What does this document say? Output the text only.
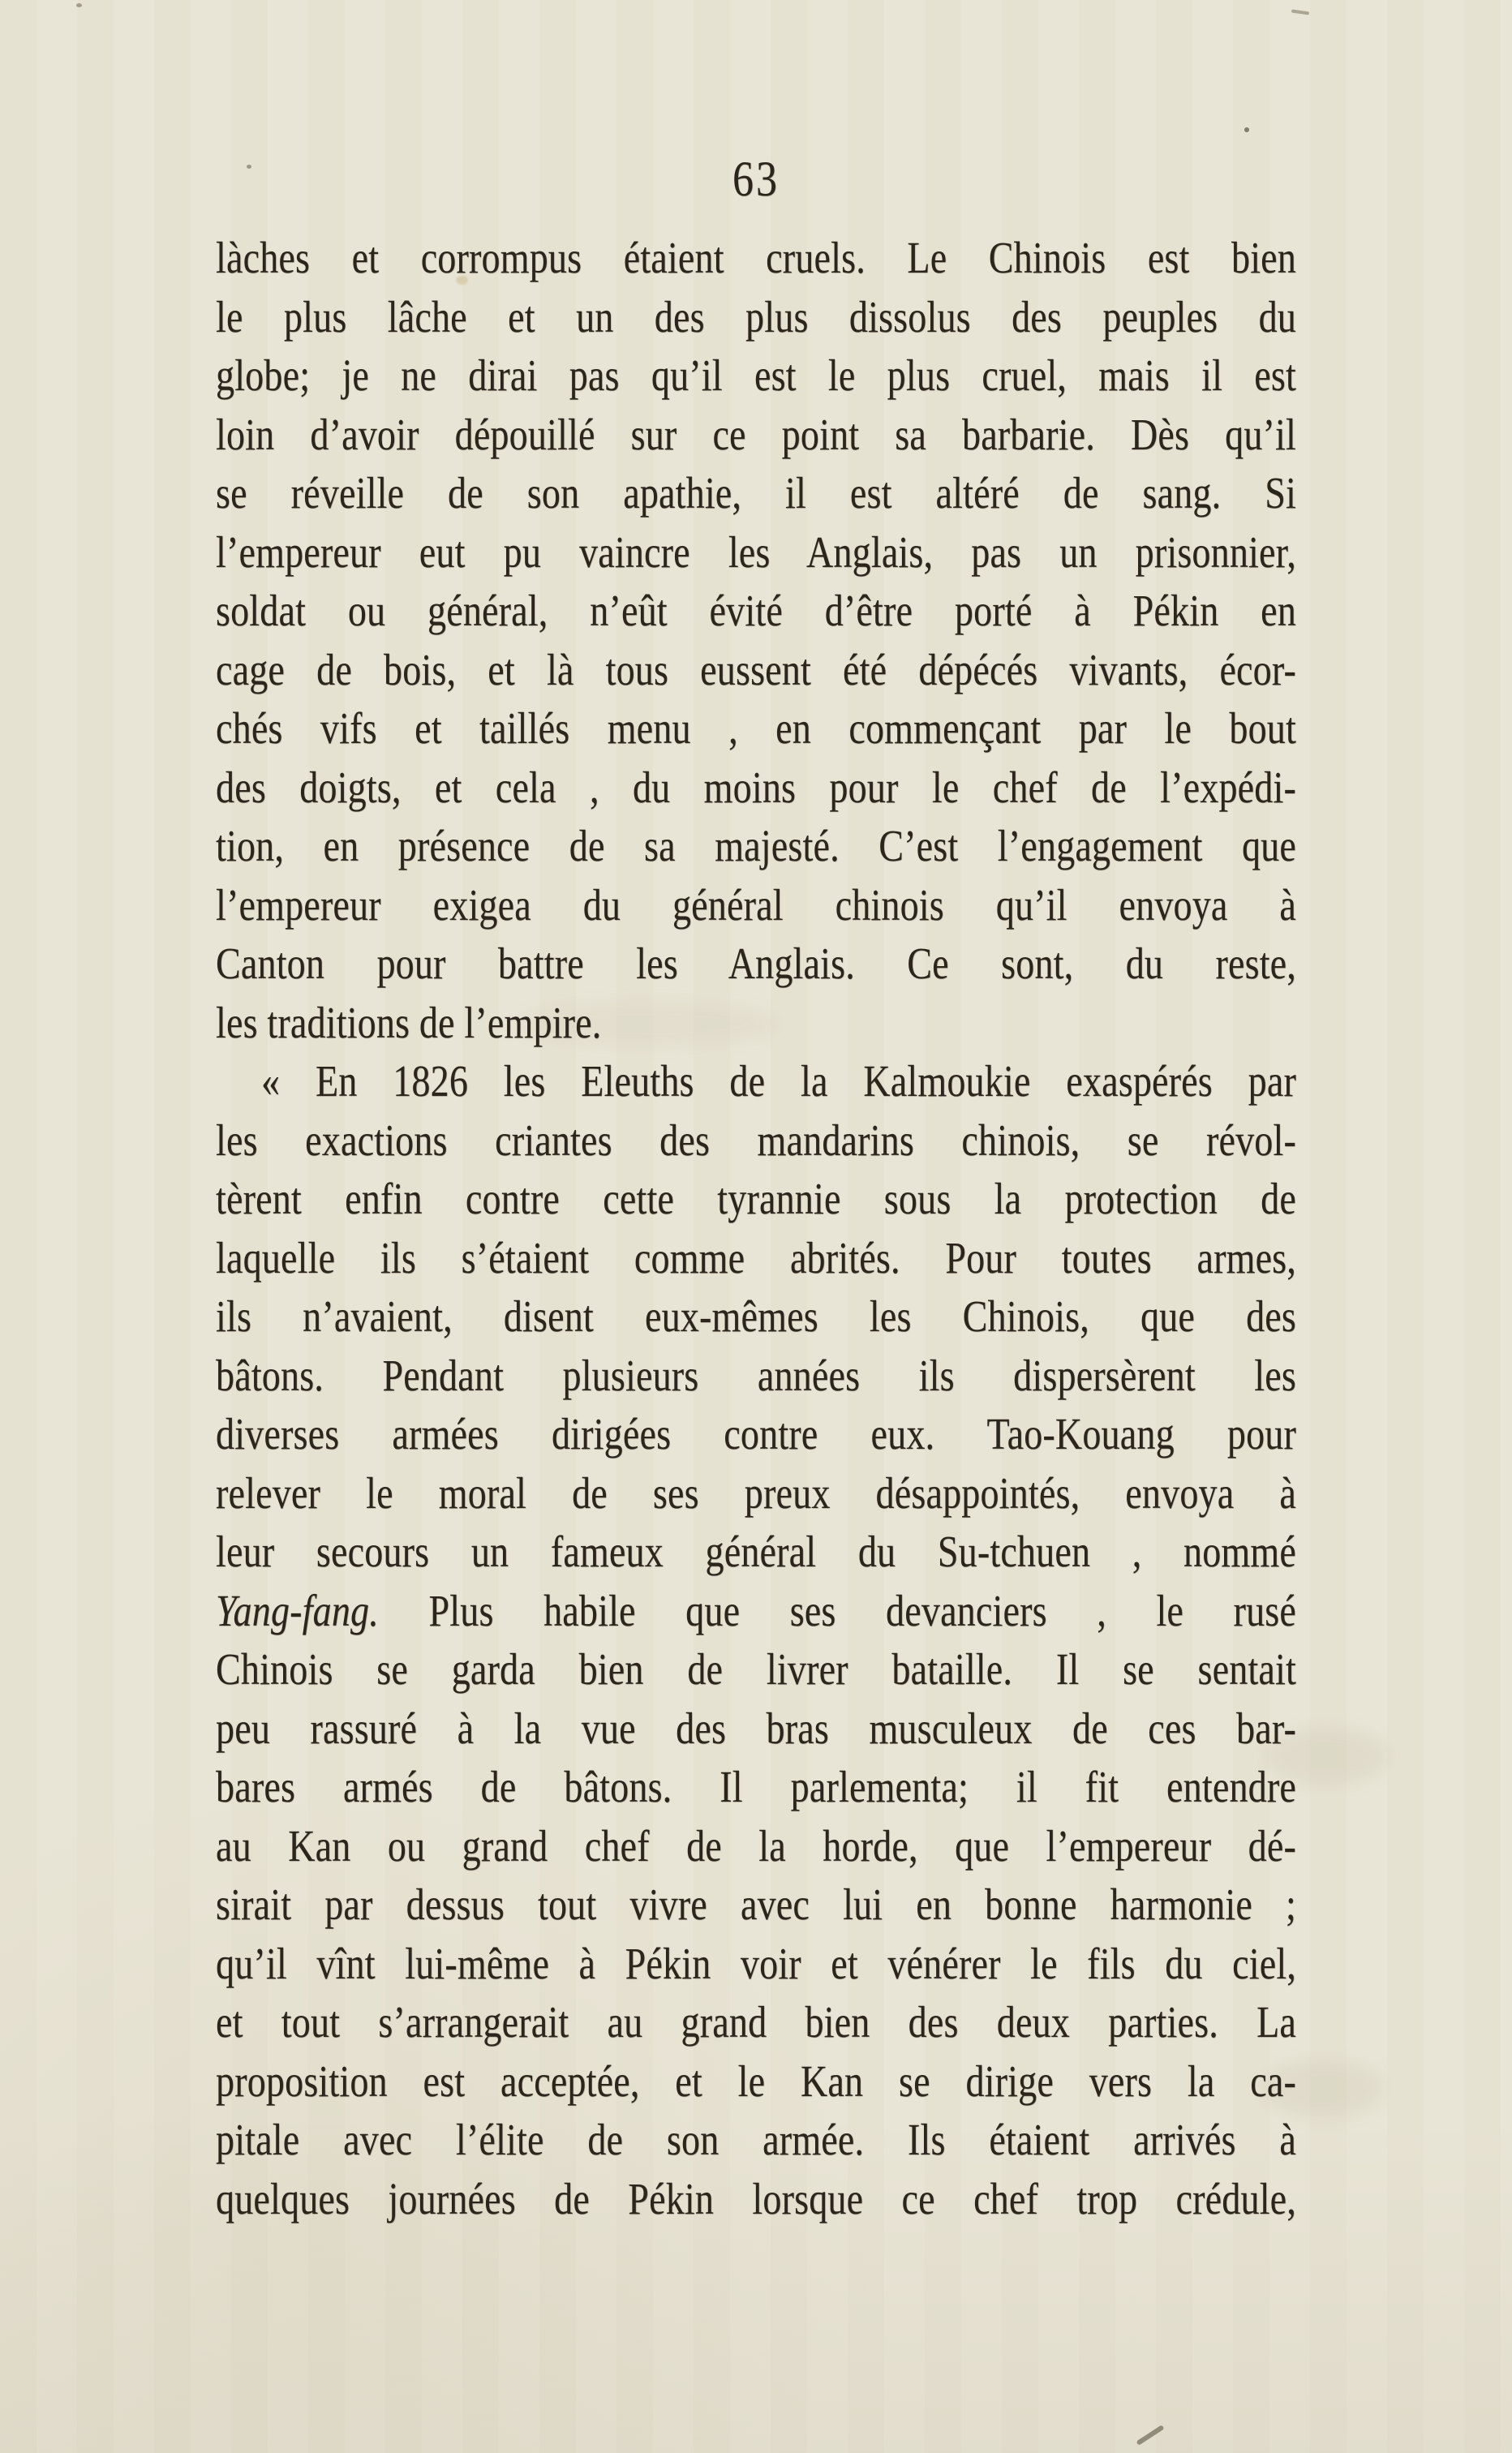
63
làches et corrompus étaient cruels. Le Chinois est bien
le plus lâche et un des plus dissolus des peuples du
globe; je ne dirai pas qu’il est le plus cruel, mais il est
loin d’avoir dépouillé sur ce point sa barbarie. Dès qu’il
se réveille de son apathie, il est altéré de sang. Si
l’empereur eut pu vaincre les Anglais, pas un prisonnier,
soldat ou général, n’eût évité d’être porté à Pékin en
cage de bois, et là tous eussent été dépécés vivants, écor-
chés vifs et taillés menu , en commençant par le bout
des doigts, et cela , du moins pour le chef de l’expédi-
tion, en présence de sa majesté. C’est l’engagement que
l’empereur exigea du général chinois qu’il envoya à
Canton pour battre les Anglais. Ce sont, du reste,
les traditions de l’empire.
« En 1826 les Eleuths de la Kalmoukie exaspérés par
les exactions criantes des mandarins chinois, se révol-
tèrent enfin contre cette tyrannie sous la protection de
laquelle ils s’étaient comme abrités. Pour toutes armes,
ils n’avaient, disent eux-mêmes les Chinois, que des
bâtons. Pendant plusieurs années ils dispersèrent les
diverses armées dirigées contre eux. Tao-Kouang pour
relever le moral de ses preux désappointés, envoya à
leur secours un fameux général du Su-tchuen , nommé
Yang-fang. Plus habile que ses devanciers , le rusé
Chinois se garda bien de livrer bataille. Il se sentait
peu rassuré à la vue des bras musculeux de ces bar-
bares armés de bâtons. Il parlementa; il fit entendre
au Kan ou grand chef de la horde, que l’empereur dé-
sirait par dessus tout vivre avec lui en bonne harmonie ;
qu’il vînt lui-même à Pékin voir et vénérer le fils du ciel,
et tout s’arrangerait au grand bien des deux parties. La
proposition est acceptée, et le Kan se dirige vers la ca-
pitale avec l’élite de son armée. Ils étaient arrivés à
quelques journées de Pékin lorsque ce chef trop crédule,
